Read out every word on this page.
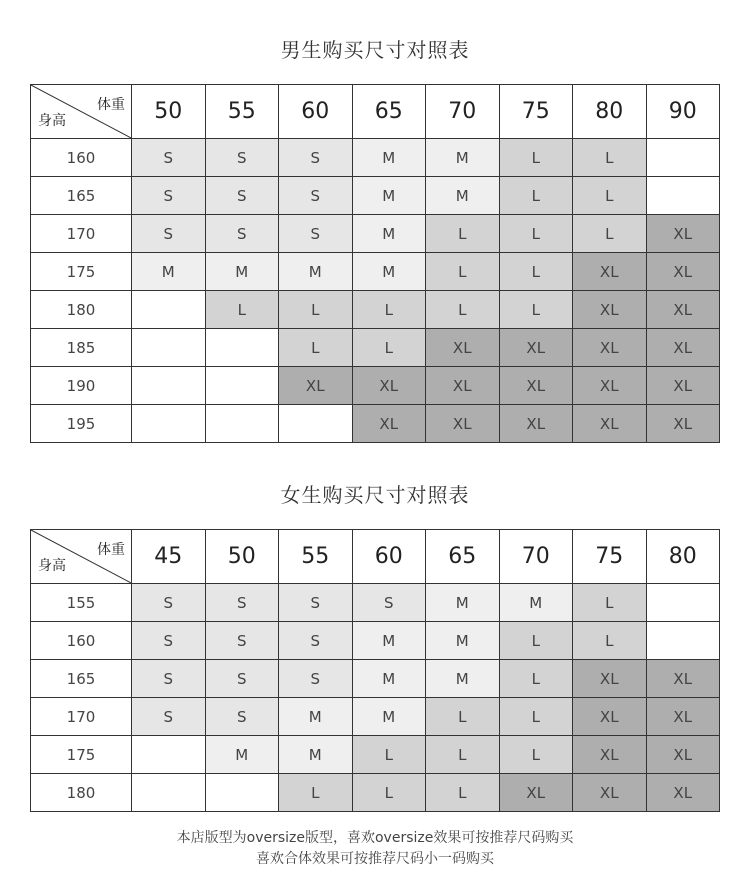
男生购买尺寸对照表
体重
身高	50	55	60	65	70	75	80	90
160	S	S	S	M	M	L	L	
165	S	S	S	M	M	L	L	
170	S	S	S	M	L	L	L	XL
175	M	M	M	M	L	L	XL	XL
180		L	L	L	L	L	XL	XL
185			L	L	XL	XL	XL	XL
190			XL	XL	XL	XL	XL	XL
195				XL	XL	XL	XL	XL
女生购买尺寸对照表
体重
身高	45	50	55	60	65	70	75	80
155	S	S	S	S	M	M	L	
160	S	S	S	M	M	L	L	
165	S	S	S	M	M	L	XL	XL
170	S	S	M	M	L	L	XL	XL
175		M	M	L	L	L	XL	XL
180			L	L	L	XL	XL	XL
本店版型为oversize版型，喜欢oversize效果可按推荐尺码购买
喜欢合体效果可按推荐尺码小一码购买
